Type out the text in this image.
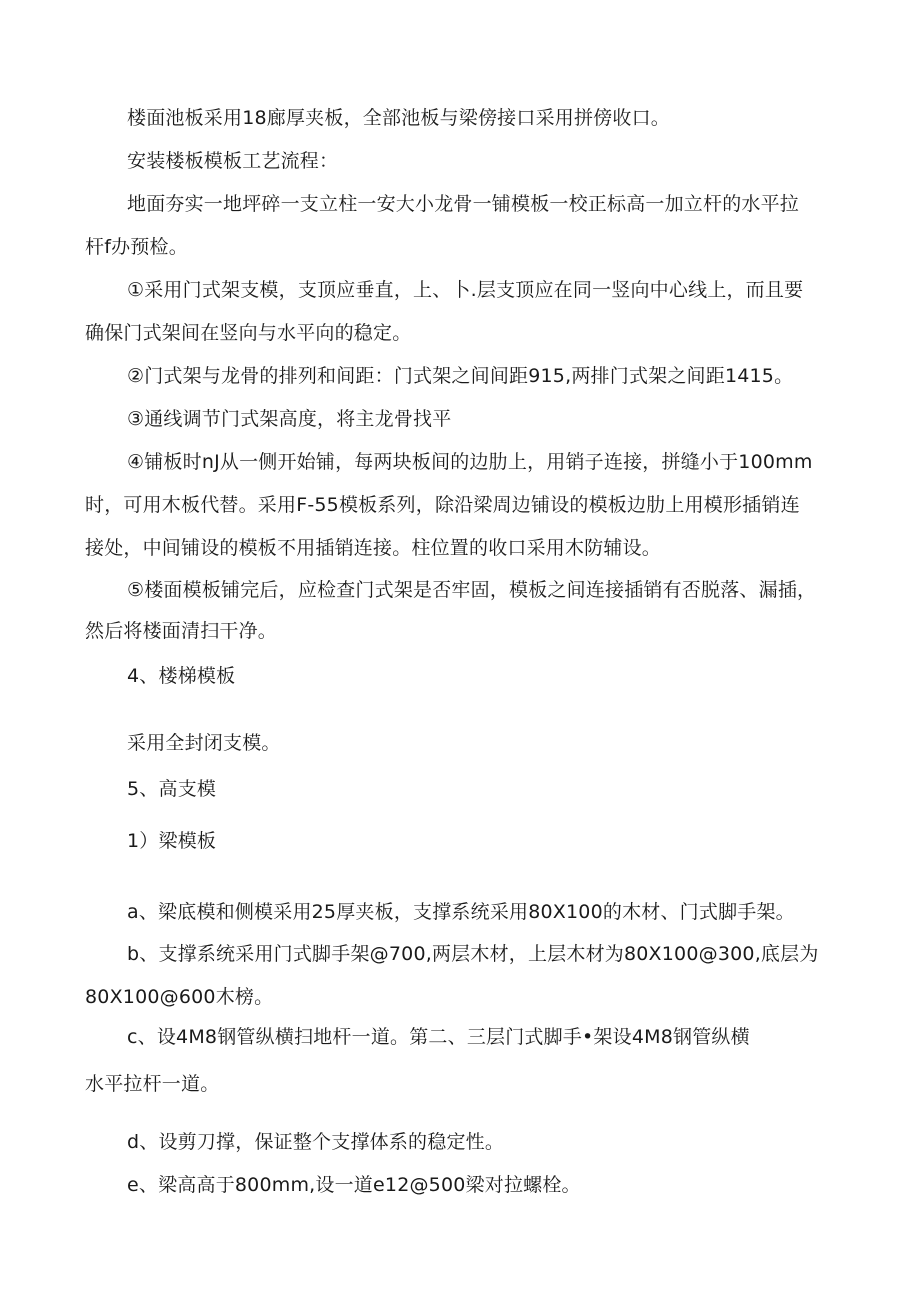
楼面池板采用18廊厚夹板，全部池板与梁傍接口采用拼傍收口。
安装楼板模板工艺流程：
地面夯实一地坪碎一支立柱一安大小龙骨一铺模板一校正标高一加立杆的水平拉
杆f办预检。
①采用门式架支模，支顶应垂直，上、卜.层支顶应在同一竖向中心线上，而且要
确保门式架间在竖向与水平向的稳定。
②门式架与龙骨的排列和间距：门式架之间间距915,两排门式架之间距1415。
③通线调节门式架高度，将主龙骨找平
④铺板时nJ从一侧开始铺，每两块板间的边肋上，用销子连接，拼缝小于100mm
时，可用木板代替。采用F-55模板系列，除沿梁周边铺设的模板边肋上用模形插销连
接处，中间铺设的模板不用插销连接。柱位置的收口采用木防辅设。
⑤楼面模板铺完后，应检查门式架是否牢固，模板之间连接插销有否脱落、漏插，
然后将楼面清扫干净。
4、楼梯模板
采用全封闭支模。
5、高支模
1）梁模板
a、梁底模和侧模采用25厚夹板，支撑系统采用80X100的木材、门式脚手架。
b、支撑系统采用门式脚手架@700,两层木材，上层木材为80X100@300,底层为
80X100@600木榜。
c、设4M8钢管纵横扫地杆一道。第二、三层门式脚手•架设4M8钢管纵横
水平拉杆一道。
d、设剪刀撑，保证整个支撑体系的稳定性。
e、梁高高于800mm,设一道e12@500梁对拉螺栓。
